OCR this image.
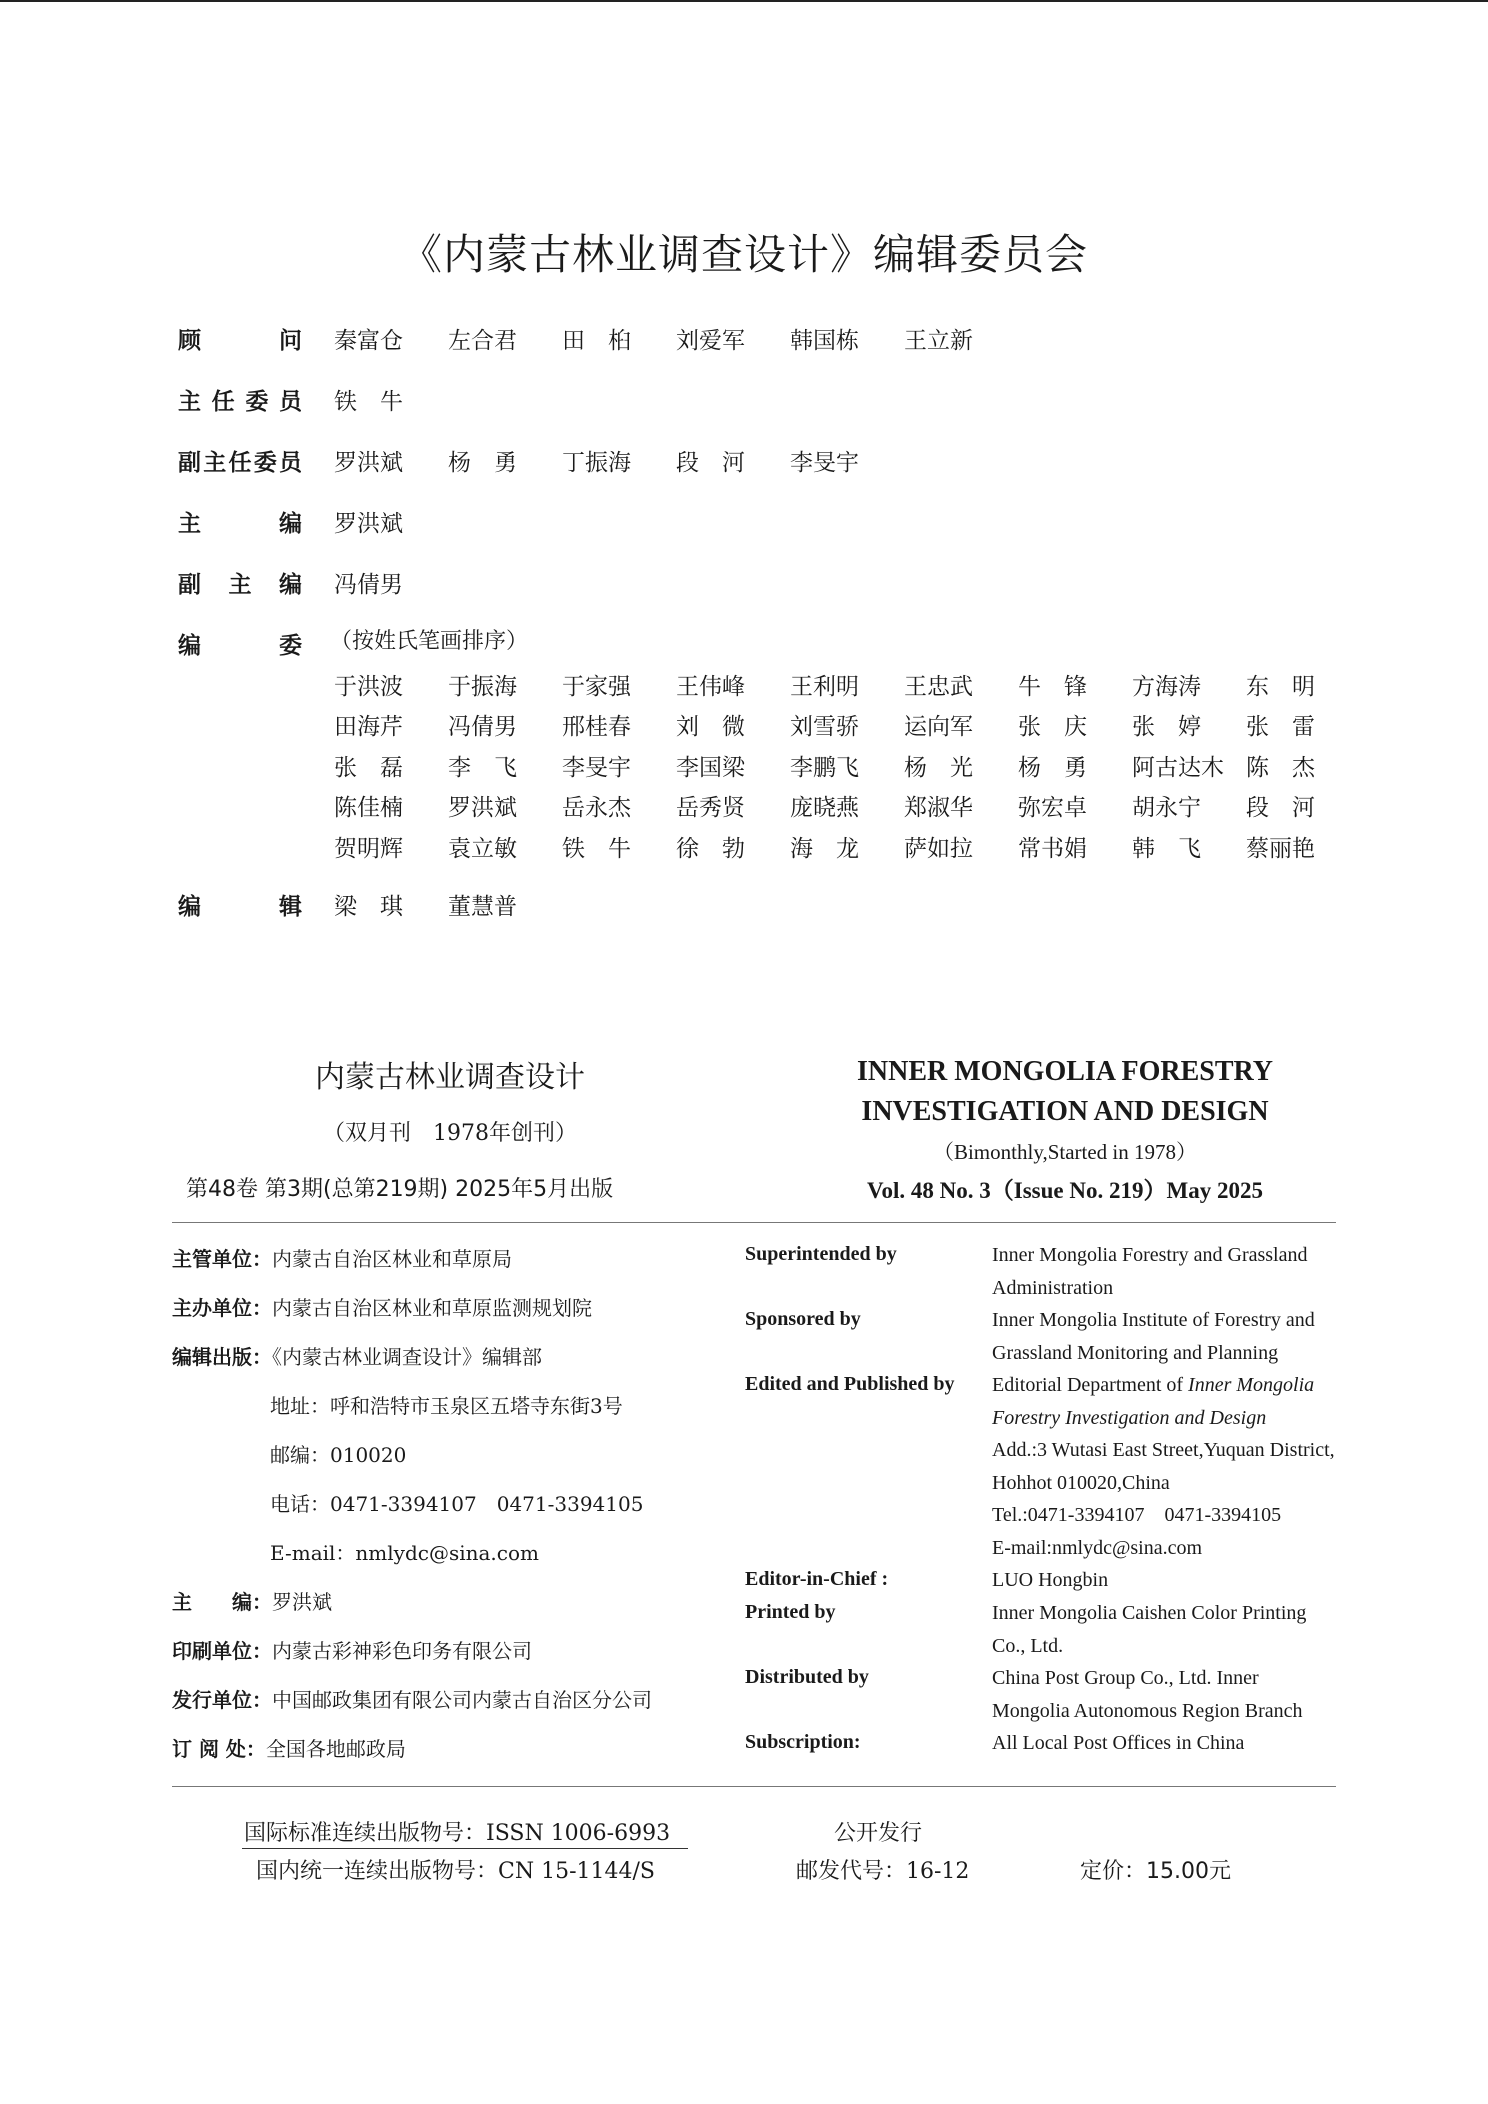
《内蒙古林业调查设计》编辑委员会
顾	问 秦富仓	左合君	田　桕	刘爱军	韩国栋	王立新
主 任 委 员 铁　牛
副 主 任 委 员 罗洪斌	杨　勇	丁振海	段　河	李旻宇
主	编 罗洪斌
副 主 编 冯倩男
编	委 （按姓氏笔画排序）
于洪波	于振海	于家强	王伟峰	王利明	王忠武	牛　锋	方海涛	东　明
田海芹	冯倩男	邢桂春	刘　微	刘雪骄	运向军	张　庆	张　婷	张　雷
张　磊	李　飞	李旻宇	李国梁	李鹏飞	杨　光	杨　勇	阿古达木 陈　杰
陈佳楠	罗洪斌	岳永杰	岳秀贤	庞晓燕	郑淑华	弥宏卓	胡永宁	段　河
贺明辉	袁立敏	铁　牛	徐　勃	海　龙	萨如拉	常书娟	韩　飞	蔡丽艳
编	辑 梁　琪	董慧普
内蒙古林业调查设计
（双月刊　1978年创刊）
第48卷 第3期(总第219期) 2025年5月出版
INNER MONGOLIA FORESTRY
INVESTIGATION AND DESIGN
（Bimonthly,Started in 1978）
Vol. 48 No. 3（Issue No. 219）May 2025
主管单位：内蒙古自治区林业和草原局
主办单位：内蒙古自治区林业和草原监测规划院
编辑出版：《内蒙古林业调查设计》编辑部
地址：呼和浩特市玉泉区五塔寺东街3号
邮编：010020
电话：0471-3394107　0471-3394105
E-mail：nmlydc@sina.com
主　　编：罗洪斌
印刷单位：内蒙古彩神彩色印务有限公司
发行单位：中国邮政集团有限公司内蒙古自治区分公司
订 阅 处：全国各地邮政局
Superintended by	Inner Mongolia Forestry and Grassland Administration
Sponsored by	Inner Mongolia Institute of Forestry and Grassland Monitoring and Planning
Edited and Published by Editorial Department of Inner Mongolia Forestry Investigation and Design
Add.:3 Wutasi East Street,Yuquan District, Hohhot 010020,China
Tel.:0471-3394107　0471-3394105
E-mail:nmlydc@sina.com
Editor-in-Chief :	LUO Hongbin
Printed by	Inner Mongolia Caishen Color Printing Co., Ltd.
Distributed by	China Post Group Co., Ltd. Inner Mongolia Autonomous Region Branch
Subscription:	All Local Post Offices in China
国际标准连续出版物号：ISSN 1006-6993
国内统一连续出版物号：CN 15-1144/S
公开发行
邮发代号：16-12	定价：15.00元
